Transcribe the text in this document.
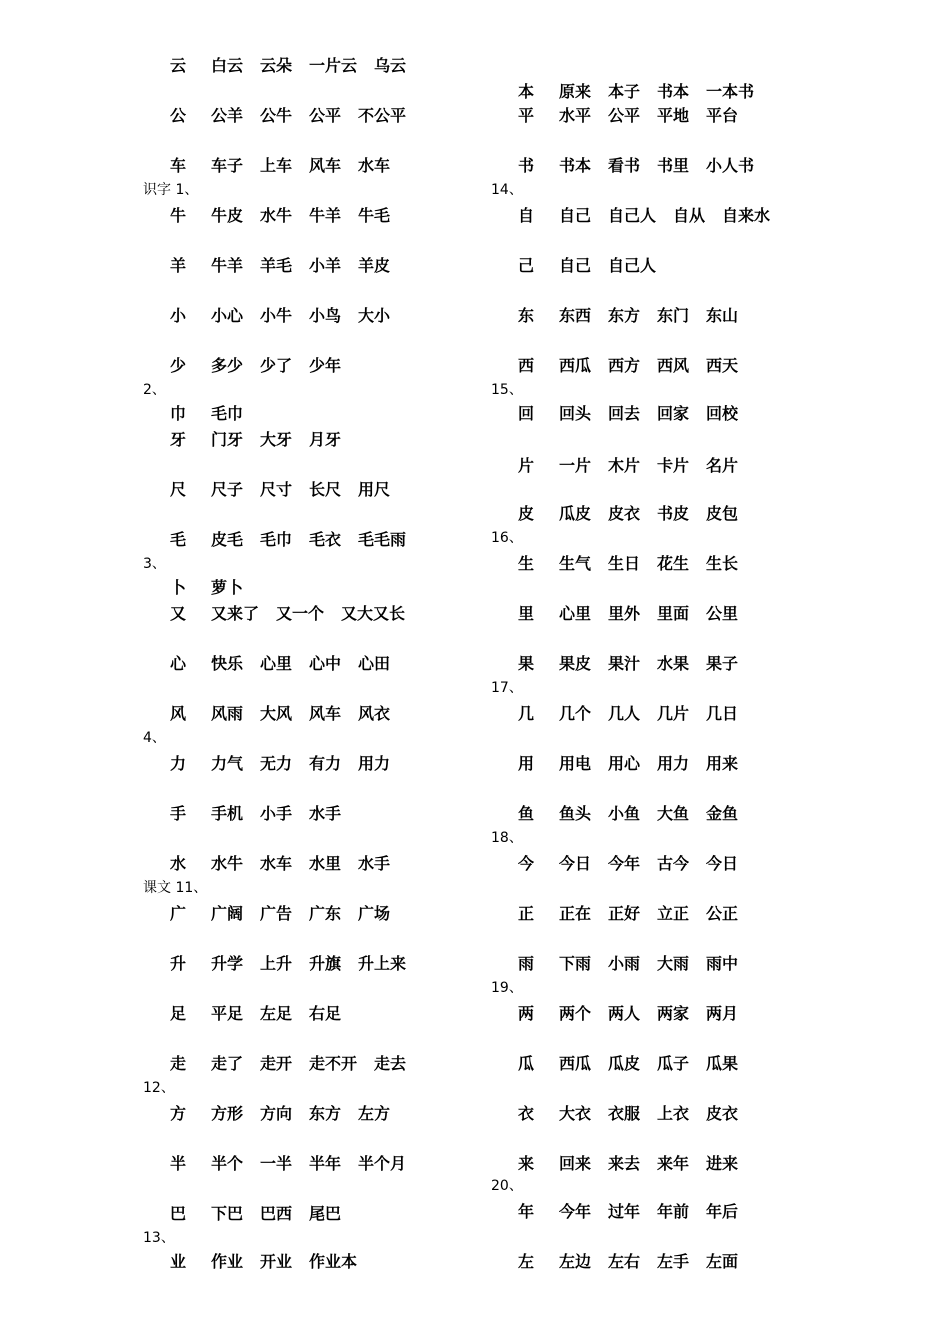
云 白云 云朵 一片云 乌云
公 公羊 公牛 公平 不公平
车 车子 上车 风车 水车
识字 1、
牛 牛皮 水牛 牛羊 牛毛
羊 牛羊 羊毛 小羊 羊皮
小 小心 小牛 小鸟 大小
少 多少 少了 少年
2、
巾 毛巾
牙 门牙 大牙 月牙
尺 尺子 尺寸 长尺 用尺
毛 皮毛 毛巾 毛衣 毛毛雨
3、
卜 萝卜
又 又来了 又一个 又大又长
心 快乐 心里 心中 心田
风 风雨 大风 风车 风衣
4、
力 力气 无力 有力 用力
手 手机 小手 水手
水 水牛 水车 水里 水手
课文 11、
广 广阔 广告 广东 广场
升 升学 上升 升旗 升上来
足 平足 左足 右足
走 走了 走开 走不开 走去
12、
方 方形 方向 东方 左方
半 半个 一半 半年 半个月
巴 下巴 巴西 尾巴
13、
业 作业 开业 作业本
本 原来 本子 书本 一本书
平 水平 公平 平地 平台
书 书本 看书 书里 小人书
14、
自 自己 自己人 自从 自来水
己 自己 自己人
东 东西 东方 东门 东山
西 西瓜 西方 西风 西天
15、
回 回头 回去 回家 回校
片 一片 木片 卡片 名片
皮 瓜皮 皮衣 书皮 皮包
16、
生 生气 生日 花生 生长
里 心里 里外 里面 公里
果 果皮 果汁 水果 果子
17、
几 几个 几人 几片 几日
用 用电 用心 用力 用来
鱼 鱼头 小鱼 大鱼 金鱼
18、
今 今日 今年 古今 今日
正 正在 正好 立正 公正
雨 下雨 小雨 大雨 雨中
19、
两 两个 两人 两家 两月
瓜 西瓜 瓜皮 瓜子 瓜果
衣 大衣 衣服 上衣 皮衣
来 回来 来去 来年 进来
20、
年 今年 过年 年前 年后
左 左边 左右 左手 左面
